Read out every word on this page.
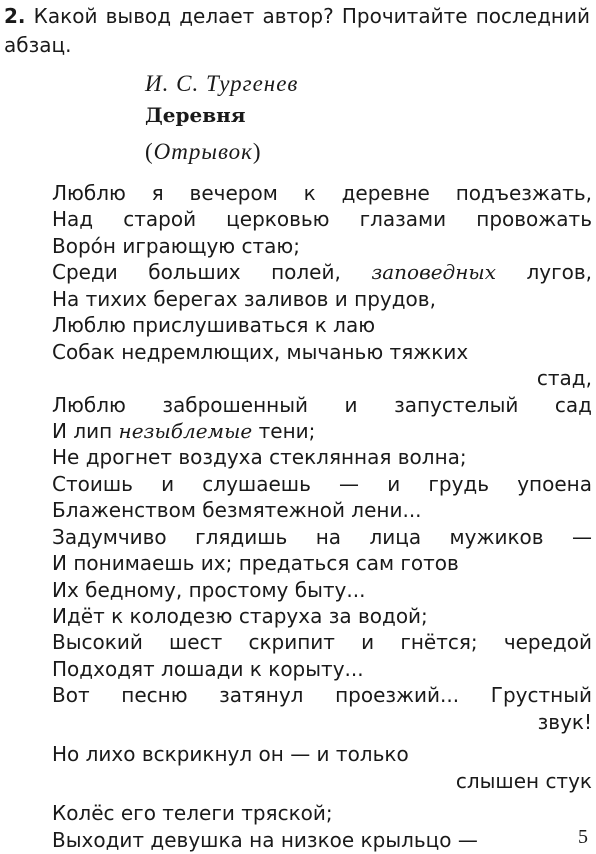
2. Какой вывод делает автор? Прочитайте последний абзац.
И. С. Тургенев
Деревня
(Отрывок)
Люблю я вечером к деревне подъезжать,
Над старой церковью глазами провожать
Воро́н играющую стаю;
Среди больших полей, заповедных лугов,
На тихих берегах заливов и прудов,
Люблю прислушиваться к лаю
Собак недремлющих, мычанью тяжких
стад,
Люблю заброшенный и запустелый сад
И лип незыблемые тени;
Не дрогнет воздуха стеклянная волна;
Стоишь и слушаешь — и грудь упоена
Блаженством безмятежной лени...
Задумчиво глядишь на лица мужиков —
И понимаешь их; предаться сам готов
Их бедному, простому быту...
Идёт к колодезю старуха за водой;
Высокий шест скрипит и гнётся; чередой
Подходят лошади к корыту...
Вот песню затянул проезжий... Грустный
звук!
Но лихо вскрикнул он — и только
слышен стук
Колёс его телеги тряской;
Выходит девушка на низкое крыльцо —	5
